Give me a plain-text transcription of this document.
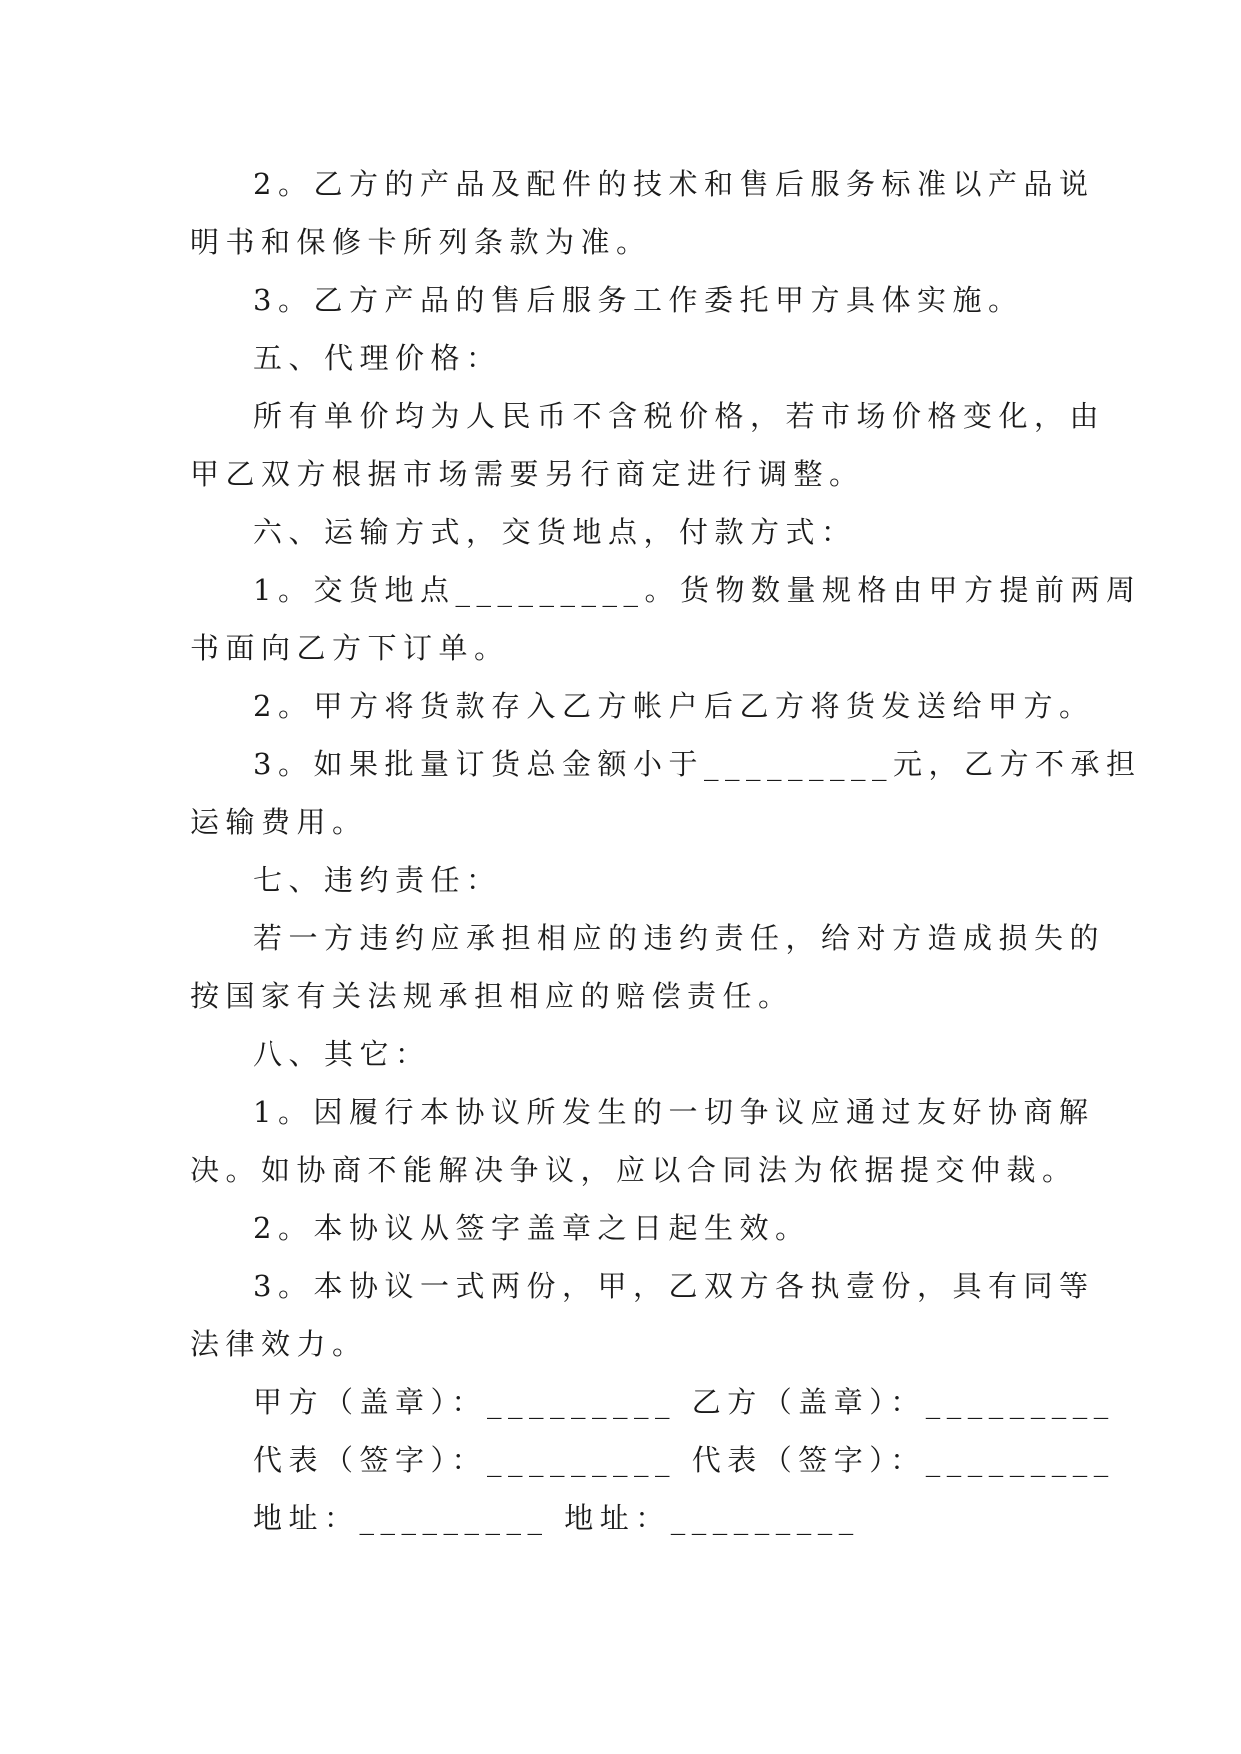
2。乙方的产品及配件的技术和售后服务标准以产品说
明书和保修卡所列条款为准。
3。乙方产品的售后服务工作委托甲方具体实施。
五、代理价格：
所有单价均为人民币不含税价格，若市场价格变化，由
甲乙双方根据市场需要另行商定进行调整。
六、运输方式，交货地点，付款方式：
1。交货地点_________。货物数量规格由甲方提前两周
书面向乙方下订单。
2。甲方将货款存入乙方帐户后乙方将货发送给甲方。
3。如果批量订货总金额小于_________元，乙方不承担
运输费用。
七、违约责任：
若一方违约应承担相应的违约责任，给对方造成损失的
按国家有关法规承担相应的赔偿责任。
八、其它：
1。因履行本协议所发生的一切争议应通过友好协商解
决。如协商不能解决争议，应以合同法为依据提交仲裁。
2。本协议从签字盖章之日起生效。
3。本协议一式两份，甲，乙双方各执壹份，具有同等
法律效力。
甲方（盖章）：_________ 乙方（盖章）：_________
代表（签字）：_________ 代表（签字）：_________
地址：_________ 地址：_________
